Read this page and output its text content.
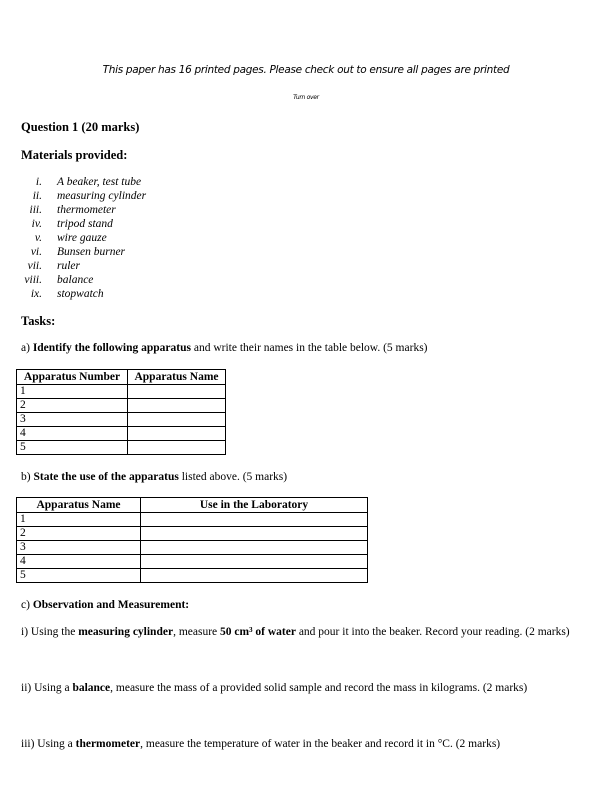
This paper has 16 printed pages. Please check out to ensure all pages are printed
Turn over
Question 1 (20 marks)
Materials provided:
i. A beaker, test tube
ii. measuring cylinder
iii. thermometer
iv. tripod stand
v. wire gauze
vi. Bunsen burner
vii. ruler
viii. balance
ix. stopwatch
Tasks:
a) Identify the following apparatus and write their names in the table below. (5 marks)
Apparatus Number	Apparatus Name
1	
2	
3	
4	
5	
b) State the use of the apparatus listed above. (5 marks)
Apparatus Name	Use in the Laboratory
1	
2	
3	
4	
5	
c) Observation and Measurement:
i) Using the measuring cylinder, measure 50 cm³ of water and pour it into the beaker. Record your reading. (2 marks)
ii) Using a balance, measure the mass of a provided solid sample and record the mass in kilograms. (2 marks)
iii) Using a thermometer, measure the temperature of water in the beaker and record it in °C. (2 marks)
